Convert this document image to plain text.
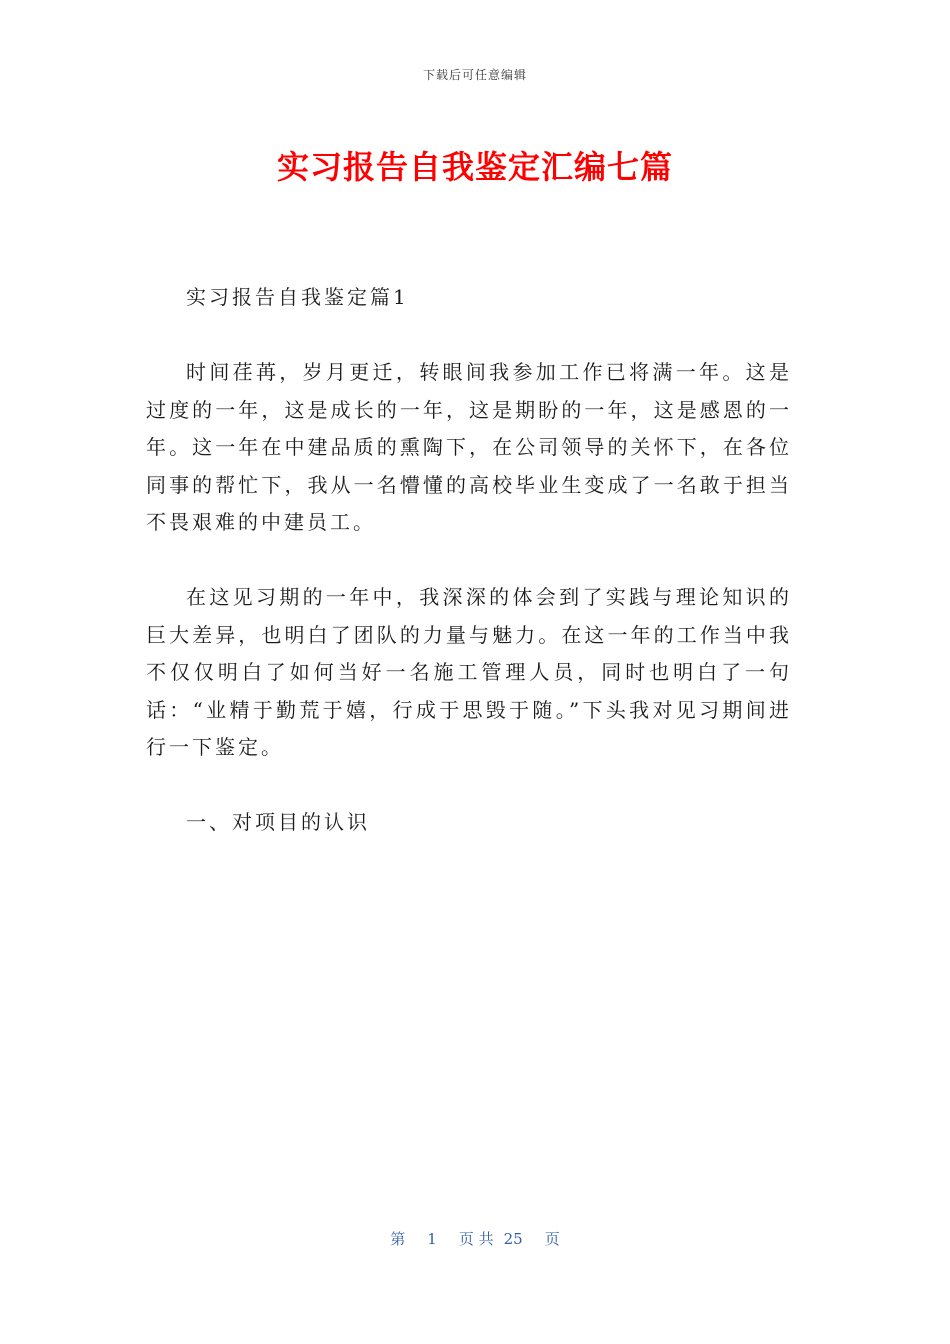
下载后可任意编辑
实习报告自我鉴定汇编七篇

实习报告自我鉴定篇1

时间荏苒，岁月更迁，转眼间我参加工作已将满一年。这是过度的一年，这是成长的一年，这是期盼的一年，这是感恩的一年。这一年在中建品质的熏陶下，在公司领导的关怀下，在各位同事的帮忙下，我从一名懵懂的高校毕业生变成了一名敢于担当不畏艰难的中建员工。

在这见习期的一年中，我深深的体会到了实践与理论知识的巨大差异，也明白了团队的力量与魅力。在这一年的工作当中我不仅仅明白了如何当好一名施工管理人员，同时也明白了一句话：“业精于勤荒于嬉，行成于思毁于随。”下头我对见习期间进行一下鉴定。

一、对项目的认识

第 1 页 共 25 页
